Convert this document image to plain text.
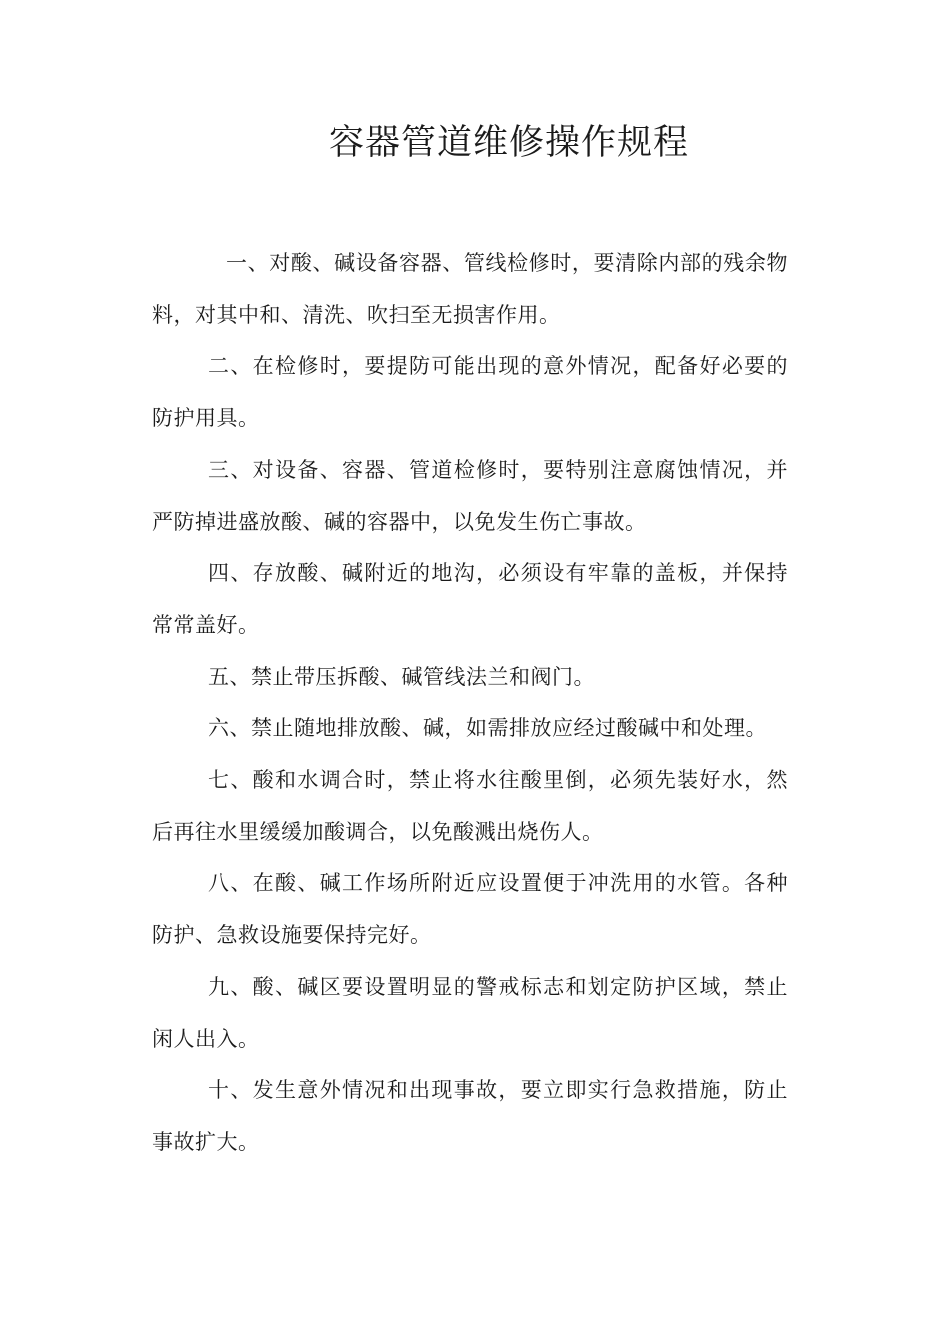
容器管道维修操作规程

一、对酸、碱设备容器、管线检修时，要清除内部的残余物料，对其中和、清洗、吹扫至无损害作用。

二、在检修时，要提防可能出现的意外情况，配备好必要的防护用具。

三、对设备、容器、管道检修时，要特别注意腐蚀情况，并严防掉进盛放酸、碱的容器中，以免发生伤亡事故。

四、存放酸、碱附近的地沟，必须设有牢靠的盖板，并保持常常盖好。

五、禁止带压拆酸、碱管线法兰和阀门。

六、禁止随地排放酸、碱，如需排放应经过酸碱中和处理。

七、酸和水调合时，禁止将水往酸里倒，必须先装好水，然后再往水里缓缓加酸调合，以免酸溅出烧伤人。

八、在酸、碱工作场所附近应设置便于冲洗用的水管。各种防护、急救设施要保持完好。

九、酸、碱区要设置明显的警戒标志和划定防护区域，禁止闲人出入。

十、发生意外情况和出现事故，要立即实行急救措施，防止事故扩大。
